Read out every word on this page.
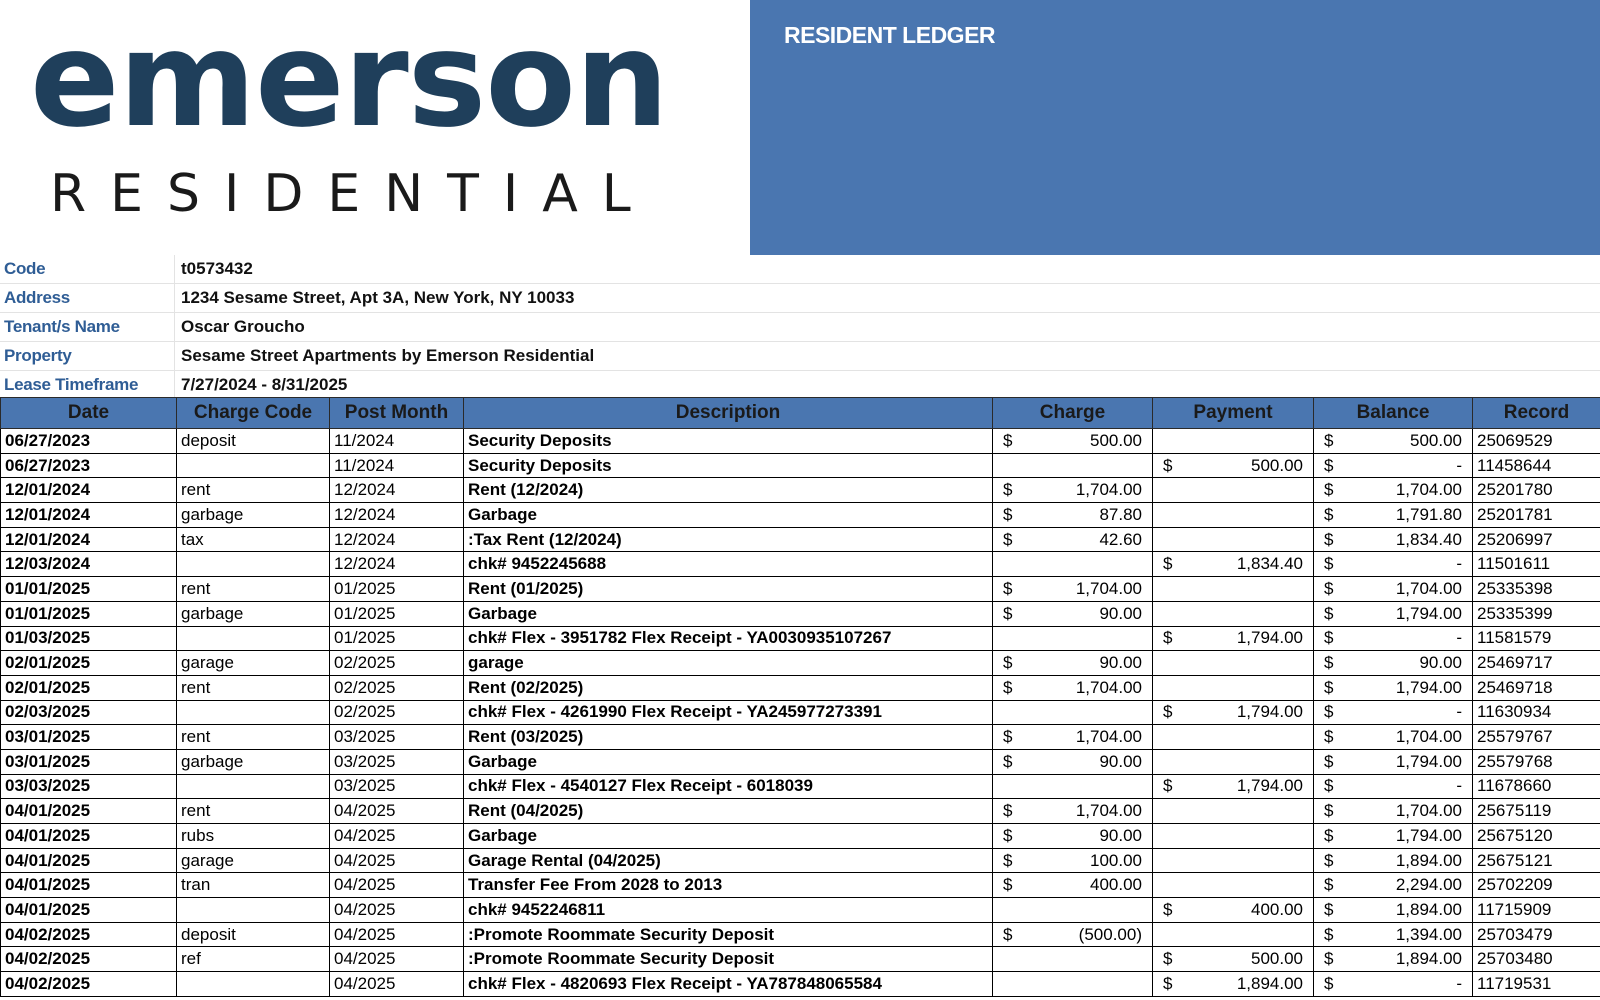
emerson
RESIDENTIAL
RESIDENT LEDGER
Code	t0573432
Address	1234 Sesame Street, Apt 3A, New York, NY 10033
Tenant/s Name	Oscar Groucho
Property	Sesame Street Apartments by Emerson Residential
Lease Timeframe	7/27/2024 - 8/31/2025
Date	Charge Code	Post Month	Description	Charge	Payment	Balance	Record
06/27/2023	deposit	11/2024	Security Deposits	$ 500.00		$ 500.00	25069529
06/27/2023		11/2024	Security Deposits		$ 500.00	$ -	11458644
12/01/2024	rent	12/2024	Rent (12/2024)	$ 1,704.00		$ 1,704.00	25201780
12/01/2024	garbage	12/2024	Garbage	$ 87.80		$ 1,791.80	25201781
12/01/2024	tax	12/2024	:Tax Rent (12/2024)	$ 42.60		$ 1,834.40	25206997
12/03/2024		12/2024	chk# 9452245688		$ 1,834.40	$ -	11501611
01/01/2025	rent	01/2025	Rent (01/2025)	$ 1,704.00		$ 1,704.00	25335398
01/01/2025	garbage	01/2025	Garbage	$ 90.00		$ 1,794.00	25335399
01/03/2025		01/2025	chk# Flex - 3951782 Flex Receipt - YA0030935107267		$ 1,794.00	$ -	11581579
02/01/2025	garage	02/2025	garage	$ 90.00		$ 90.00	25469717
02/01/2025	rent	02/2025	Rent (02/2025)	$ 1,704.00		$ 1,794.00	25469718
02/03/2025		02/2025	chk# Flex - 4261990 Flex Receipt - YA245977273391		$ 1,794.00	$ -	11630934
03/01/2025	rent	03/2025	Rent (03/2025)	$ 1,704.00		$ 1,704.00	25579767
03/01/2025	garbage	03/2025	Garbage	$ 90.00		$ 1,794.00	25579768
03/03/2025		03/2025	chk# Flex - 4540127 Flex Receipt - 6018039		$ 1,794.00	$ -	11678660
04/01/2025	rent	04/2025	Rent (04/2025)	$ 1,704.00		$ 1,704.00	25675119
04/01/2025	rubs	04/2025	Garbage	$ 90.00		$ 1,794.00	25675120
04/01/2025	garage	04/2025	Garage Rental (04/2025)	$ 100.00		$ 1,894.00	25675121
04/01/2025	tran	04/2025	Transfer Fee From 2028 to 2013	$ 400.00		$ 2,294.00	25702209
04/01/2025		04/2025	chk# 9452246811		$ 400.00	$ 1,894.00	11715909
04/02/2025	deposit	04/2025	:Promote Roommate Security Deposit	$ (500.00)		$ 1,394.00	25703479
04/02/2025	ref	04/2025	:Promote Roommate Security Deposit		$ 500.00	$ 1,894.00	25703480
04/02/2025		04/2025	chk# Flex - 4820693 Flex Receipt - YA787848065584		$ 1,894.00	$ -	11719531
